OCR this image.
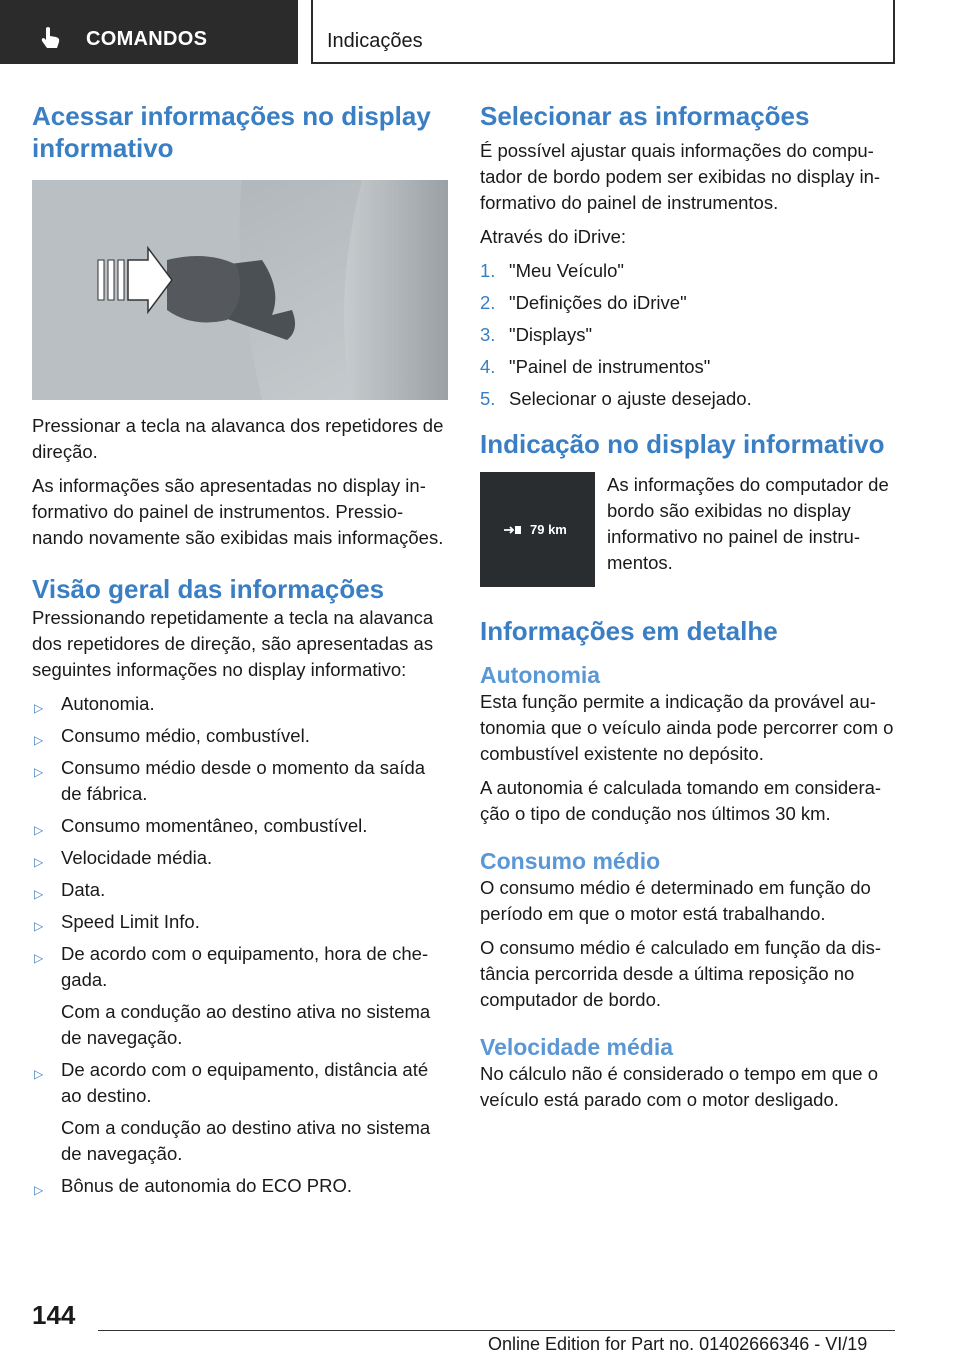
COMANDOS	Indicações
Acessar informações no display informativo

Pressionar a tecla na alavanca dos repetidores de direção.

As informações são apresentadas no display informativo do painel de instrumentos. Pressionando novamente são exibidas mais informações.

Visão geral das informações

Pressionando repetidamente a tecla na alavanca dos repetidores de direção, são apresentadas as seguintes informações no display informativo:

▷ Autonomia.
▷ Consumo médio, combustível.
▷ Consumo médio desde o momento da saída de fábrica.
▷ Consumo momentâneo, combustível.
▷ Velocidade média.
▷ Data.
▷ Speed Limit Info.
▷ De acordo com o equipamento, hora de chegada.
Com a condução ao destino ativa no sistema de navegação.
▷ De acordo com o equipamento, distância até ao destino.
Com a condução ao destino ativa no sistema de navegação.
▷ Bônus de autonomia do ECO PRO.
Selecionar as informações

É possível ajustar quais informações do computador de bordo podem ser exibidas no display informativo do painel de instrumentos.

Através do iDrive:

1. "Meu Veículo"
2. "Definições do iDrive"
3. "Displays"
4. "Painel de instrumentos"
5. Selecionar o ajuste desejado.
Indicação no display informativo
79 km

As informações do computador de bordo são exibidas no display informativo no painel de instrumentos.

Informações em detalhe
Autonomia

Esta função permite a indicação da provável autonomia que o veículo ainda pode percorrer com o combustível existente no depósito.

A autonomia é calculada tomando em consideração o tipo de condução nos últimos 30 km.

Consumo médio

O consumo médio é determinado em função do período em que o motor está trabalhando.

O consumo médio é calculado em função da distância percorrida desde a última reposição no computador de bordo.

Velocidade média

No cálculo não é considerado o tempo em que o veículo está parado com o motor desligado.

144
Online Edition for Part no. 01402666346 - VI/19
